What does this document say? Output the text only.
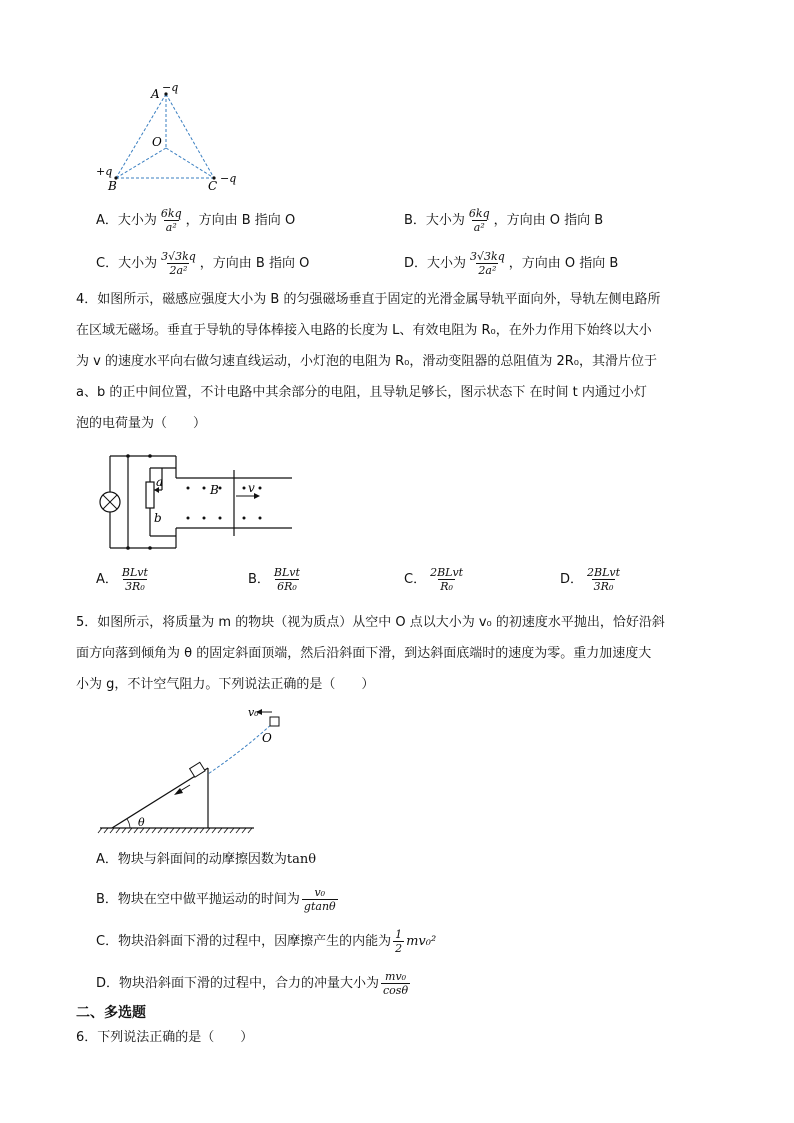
A −q
O
+q
B	C
−q
A．大小为 $\frac{6kq}{\text{a²}}$ ，方向由 B 指向 O	B．大小为 $\frac{6kq}{\text{a²}}$ ，方向由 O 指向 B
C．大小为 $\frac{3√3kq}{\text{2a²}}$ ，方向由 B 指向 O	D．大小为 $\frac{3√3kq}{\text{2a²}}$ ，方向由 O 指向 B
4．如图所示，磁感应强度大小为 B 的匀强磁场垂直于固定的光滑金属导轨平面向外，导轨左侧电路所
在区域无磁场。垂直于导轨的导体棒接入电路的长度为 L、有效电阻为 R₀，在外力作用下始终以大小
为 v 的速度水平向右做匀速直线运动，小灯泡的电阻为 R₀，滑动变阻器的总阻值为 2R₀，其滑片位于
a、b 的正中间位置，不计电路中其余部分的电阻，且导轨足够长，图示状态下 在时间 t 内通过小灯
泡的电荷量为（　　）
a
b
B v
A． $\frac{\text{BLvt}}{\text{3R₀}}$	B． $\frac{\text{BLvt}}{\text{6R₀}}$	C． $\frac{\text{2BLvt}}{\text{R₀}}$	D． $\frac{\text{2BLvt}}{\text{3R₀}}$
5．如图所示，将质量为 m 的物块（视为质点）从空中 O 点以大小为 v₀ 的初速度水平抛出，恰好沿斜
面方向落到倾角为 θ 的固定斜面顶端，然后沿斜面下滑，到达斜面底端时的速度为零。重力加速度大
小为 g，不计空气阻力。下列说法正确的是（　　）
v₀
O
θ
A．物块与斜面间的动摩擦因数为tanθ
B．物块在空中做平抛运动的时间为 $\frac{\text{v₀}}{gtan\theta}$
C．物块沿斜面下滑的过程中，因摩擦产生的内能为 $\frac{1}{2} mv_0^2$
D．物块沿斜面下滑的过程中，合力的冲量大小为 $\frac{\text{mv₀}}{\cos\theta}$
二、多选题
6．下列说法正确的是（　　）
